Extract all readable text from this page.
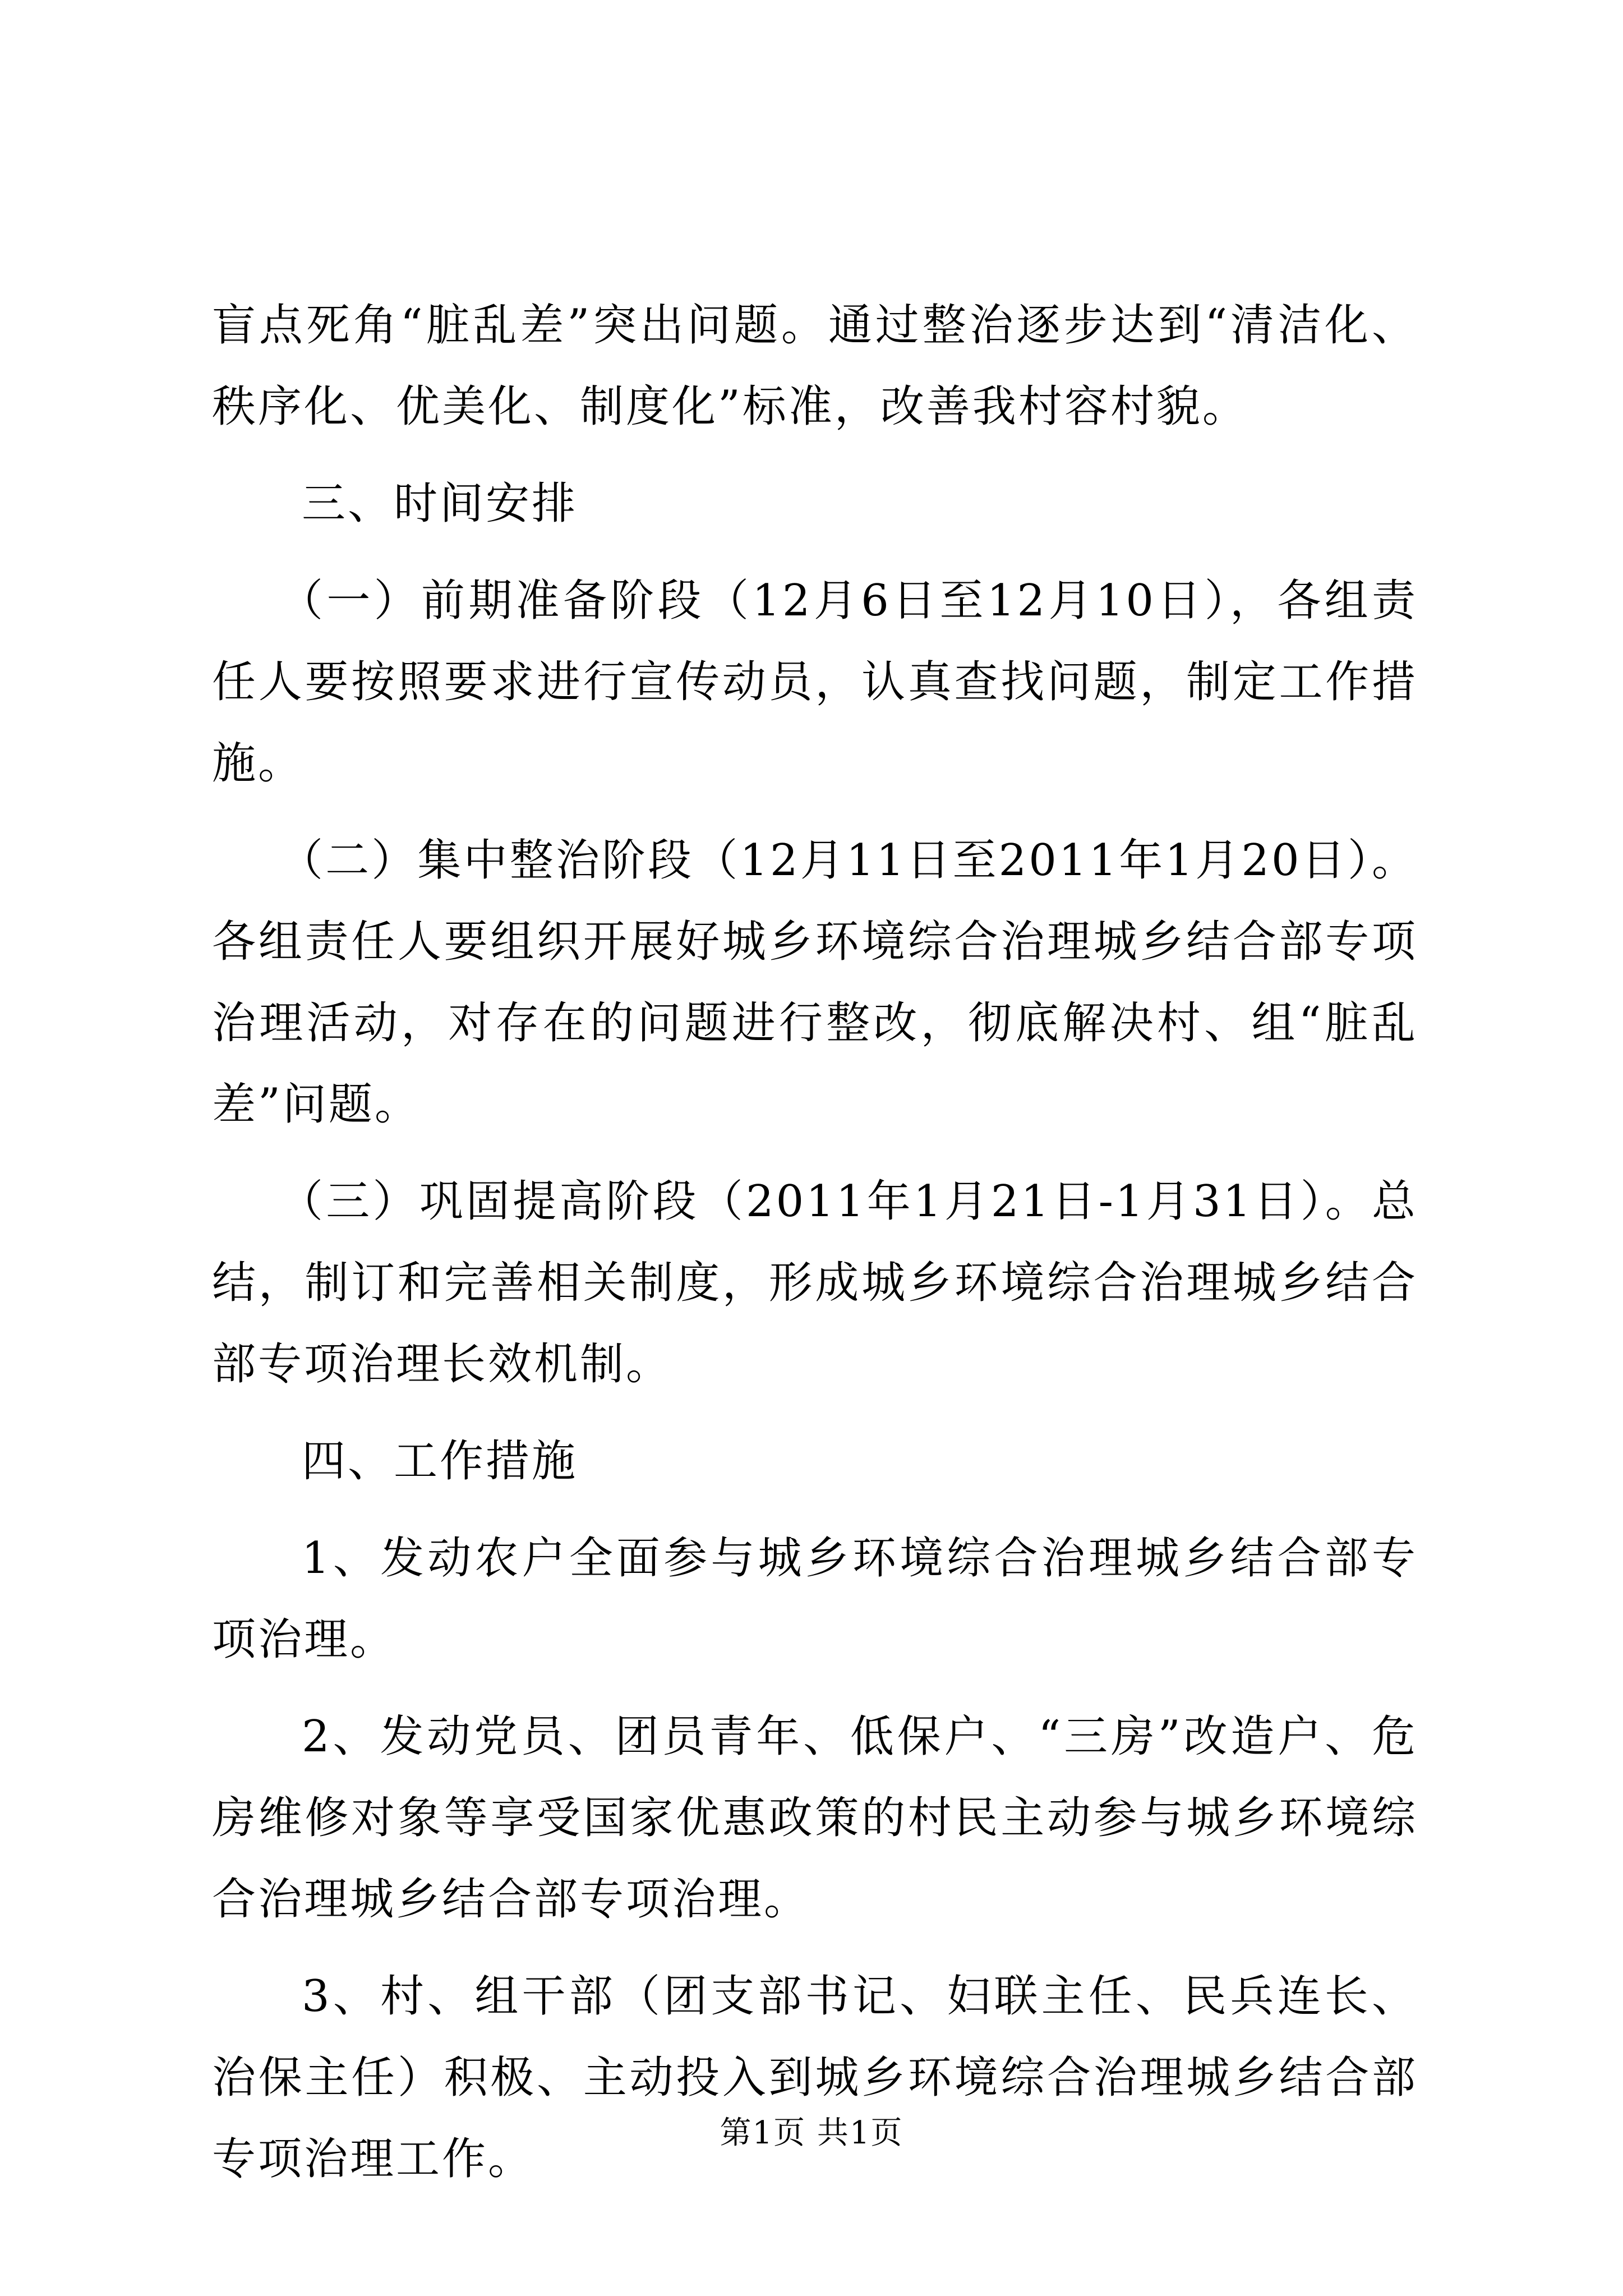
盲点死角“脏乱差”突出问题。通过整治逐步达到“清洁化、秩序化、优美化、制度化”标准，改善我村容村貌。

三、时间安排

（一）前期准备阶段（12月6日至12月10日），各组责任人要按照要求进行宣传动员，认真查找问题，制定工作措施。

（二）集中整治阶段（12月11日至2011年1月20日）。各组责任人要组织开展好城乡环境综合治理城乡结合部专项治理活动，对存在的问题进行整改，彻底解决村、组“脏乱差”问题。

（三）巩固提高阶段（2011年1月21日-1月31日）。总结，制订和完善相关制度，形成城乡环境综合治理城乡结合部专项治理长效机制。

四、工作措施

1、发动农户全面参与城乡环境综合治理城乡结合部专项治理。

2、发动党员、团员青年、低保户、“三房”改造户、危房维修对象等享受国家优惠政策的村民主动参与城乡环境综合治理城乡结合部专项治理。

3、村、组干部（团支部书记、妇联主任、民兵连长、治保主任）积极、主动投入到城乡环境综合治理城乡结合部专项治理工作。

第1页 共1页
